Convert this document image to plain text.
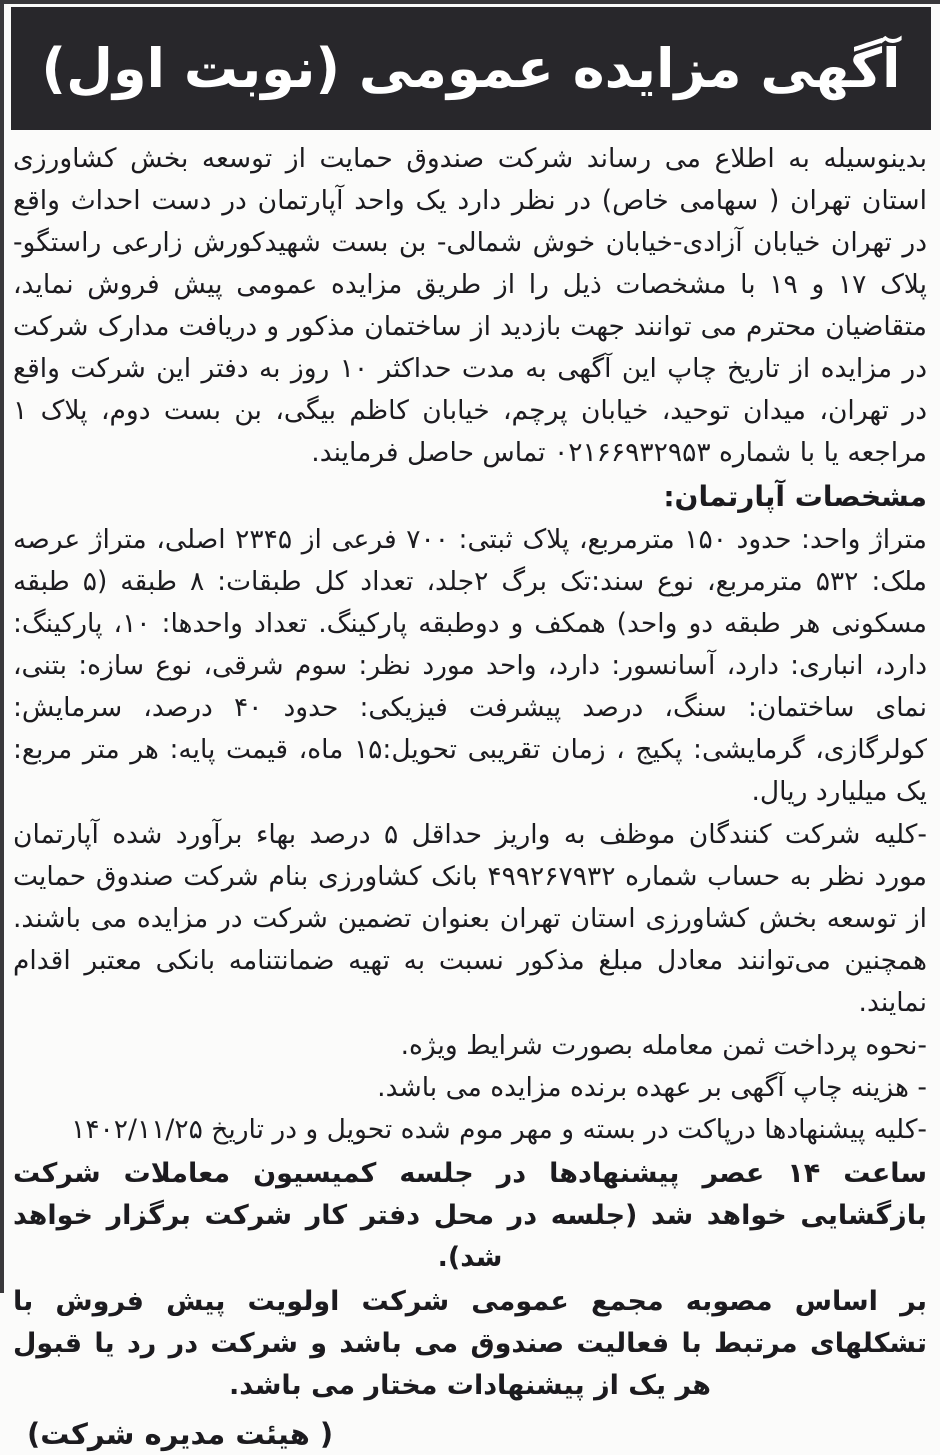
آگهی مزایده عمومی (نوبت اول)

بدینوسیله به اطلاع می رساند شرکت صندوق حمایت از توسعه بخش کشاورزی استان تهران ( سهامی خاص) در نظر دارد یک واحد آپارتمان در دست احداث واقع در تهران خیابان آزادی-خیابان خوش شمالی- بن بست شهیدکورش زارعی راستگو-پلاک ۱۷ و ۱۹ با مشخصات ذیل را از طریق مزایده عمومی پیش فروش نماید، متقاضیان محترم می توانند جهت بازدید از ساختمان مذکور و دریافت مدارک شرکت در مزایده از تاریخ چاپ این آگهی به مدت حداکثر ۱۰ روز به دفتر این شرکت واقع در تهران، میدان توحید، خیابان پرچم، خیابان کاظم بیگی، بن بست دوم، پلاک ۱ مراجعه یا با شماره ۰۲۱۶۶۹۳۲۹۵۳ تماس حاصل فرمایند.

مشخصات آپارتمان:

متراژ واحد: حدود ۱۵۰ مترمربع، پلاک ثبتی: ۷۰۰ فرعی از ۲۳۴۵ اصلی، متراژ عرصه ملک: ۵۳۲ مترمربع، نوع سند:تک برگ ۲جلد، تعداد کل طبقات: ۸ طبقه (۵ طبقه مسکونی هر طبقه دو واحد) همکف و دوطبقه پارکینگ. تعداد واحدها: ۱۰، پارکینگ: دارد، انباری: دارد، آسانسور: دارد، واحد مورد نظر: سوم شرقی، نوع سازه: بتنی، نمای ساختمان: سنگ، درصد پیشرفت فیزیکی: حدود ۴۰ درصد، سرمایش: کولرگازی، گرمایشی: پکیج ، زمان تقریبی تحویل:۱۵ ماه، قیمت پایه: هر متر مربع: یک میلیارد ریال.

-کلیه شرکت کنندگان موظف به واریز حداقل ۵ درصد بهاء برآورد شده آپارتمان مورد نظر به حساب شماره ۴۹۹۲۶۷۹۳۲ بانک کشاورزی بنام شرکت صندوق حمایت از توسعه بخش کشاورزی استان تهران بعنوان تضمین شرکت در مزایده می باشند. همچنین می‌توانند معادل مبلغ مذکور نسبت به تهیه ضمانتنامه بانکی معتبر اقدام نمایند.

-نحوه پرداخت ثمن معامله بصورت شرایط ویژه.
- هزینه چاپ آگهی بر عهده برنده مزایده می باشد.
-کلیه پیشنهادها درپاکت در بسته و مهر موم شده تحویل و در تاریخ ۱۴۰۲/۱۱/۲۵

ساعت ۱۴ عصر پیشنهادها در جلسه کمیسیون معاملات شرکت بازگشایی خواهد شد (جلسه در محل دفتر کار شرکت برگزار خواهد شد).

بر اساس مصوبه مجمع عمومی شرکت اولویت پیش فروش با تشکلهای مرتبط با فعالیت صندوق می باشد و شرکت در رد یا قبول هر یک از پیشنهادات مختار می باشد.

( هیئت مدیره شرکت)
